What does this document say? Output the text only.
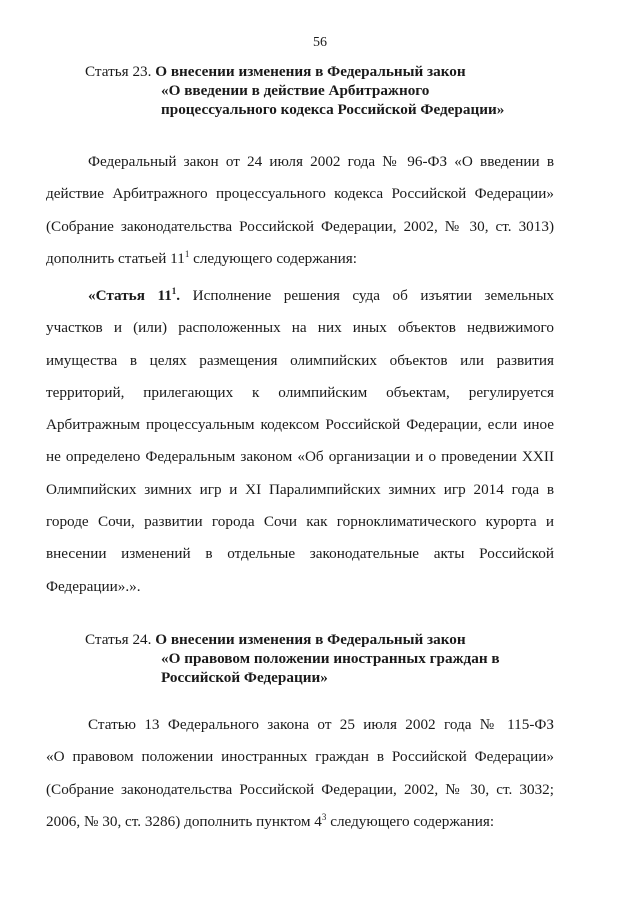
56
Статья 23. О внесении изменения в Федеральный закон
«О введении в действие Арбитражного
процессуального кодекса Российской Федерации»

Федеральный закон от 24 июля 2002 года № 96-ФЗ «О введении в
действие Арбитражного процессуального кодекса Российской Федерации»
(Собрание законодательства Российской Федерации, 2002, № 30, ст. 3013)
дополнить статьей $11^1$ следующего содержания:

«Статья $11^1$. Исполнение решения суда об изъятии земельных
участков и (или) расположенных на них иных объектов недвижимого
имущества в целях размещения олимпийских объектов или развития
территорий, прилегающих к олимпийским объектам, регулируется
Арбитражным процессуальным кодексом Российской Федерации, если иное
не определено Федеральным законом «Об организации и о проведении XXII
Олимпийских зимних игр и XI Паралимпийских зимних игр 2014 года в
городе Сочи, развитии города Сочи как горноклиматического курорта и
внесении изменений в отдельные законодательные акты Российской
Федерации».».

Статья 24. О внесении изменения в Федеральный закон
«О правовом положении иностранных граждан в
Российской Федерации»

Статью 13 Федерального закона от 25 июля 2002 года № 115-ФЗ
«О правовом положении иностранных граждан в Российской Федерации»
(Собрание законодательства Российской Федерации, 2002, № 30, ст. 3032;
2006, № 30, ст. 3286) дополнить пунктом $4^3$ следующего содержания:
